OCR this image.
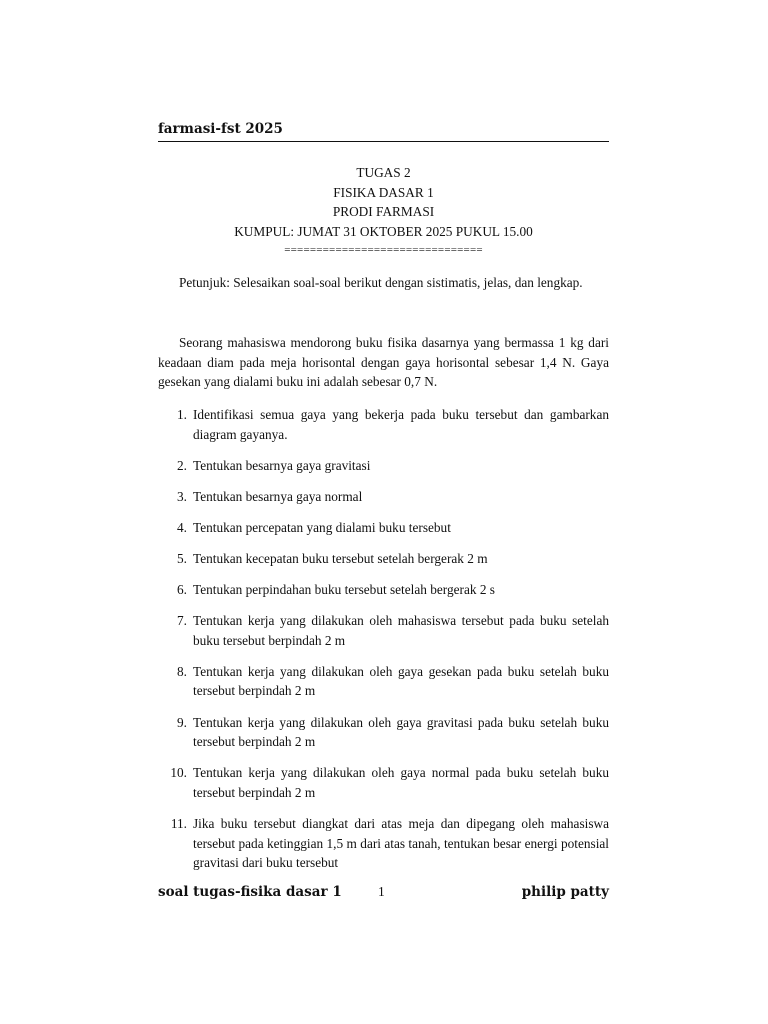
farmasi-fst 2025
TUGAS 2
FISIKA DASAR 1
PRODI FARMASI
KUMPUL: JUMAT 31 OKTOBER 2025 PUKUL 15.00
===============================
Petunjuk: Selesaikan soal-soal berikut dengan sistimatis, jelas, dan lengkap.
Seorang mahasiswa mendorong buku fisika dasarnya yang bermassa 1 kg dari keadaan diam pada meja horisontal dengan gaya horisontal sebesar 1,4 N. Gaya gesekan yang dialami buku ini adalah sebesar 0,7 N.
1. Identifikasi semua gaya yang bekerja pada buku tersebut dan gambarkan diagram gayanya.
2. Tentukan besarnya gaya gravitasi
3. Tentukan besarnya gaya normal
4. Tentukan percepatan yang dialami buku tersebut
5. Tentukan kecepatan buku tersebut setelah bergerak 2 m
6. Tentukan perpindahan buku tersebut setelah bergerak 2 s
7. Tentukan kerja yang dilakukan oleh mahasiswa tersebut pada buku setelah buku tersebut berpindah 2 m
8. Tentukan kerja yang dilakukan oleh gaya gesekan pada buku setelah buku tersebut berpindah 2 m
9. Tentukan kerja yang dilakukan oleh gaya gravitasi pada buku setelah buku tersebut berpindah 2 m
10. Tentukan kerja yang dilakukan oleh gaya normal pada buku setelah buku tersebut berpindah 2 m
11. Jika buku tersebut diangkat dari atas meja dan dipegang oleh mahasiswa tersebut pada ketinggian 1,5 m dari atas tanah, tentukan besar energi potensial gravitasi dari buku tersebut
soal tugas-fisika dasar 1	1	philip patty
